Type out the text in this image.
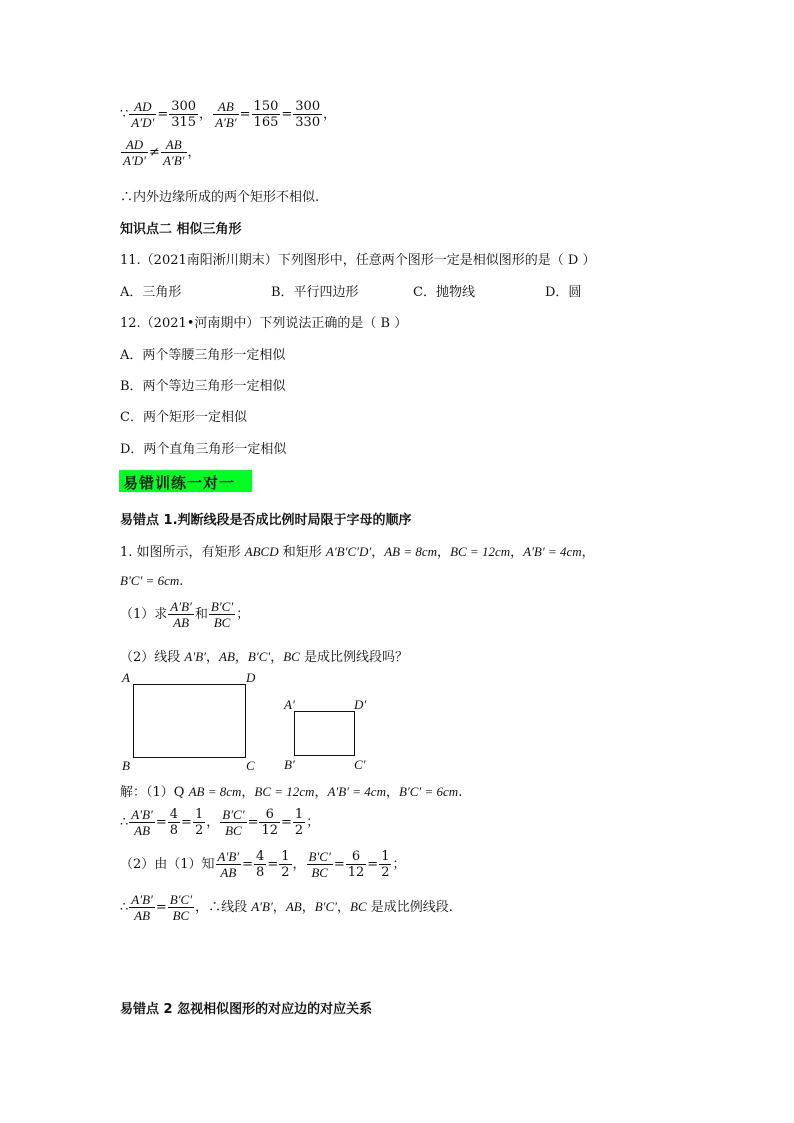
∵ $\frac{AD}{A'D'} = \frac{300}{315}$ ， $\frac{AB}{A'B'} = \frac{150}{165} = \frac{300}{330}$ ，
$\frac{AD}{A'D'} \ne \frac{AB}{A'B'}$ ，
∴内外边缘所成的两个矩形不相似.
知识点二 相似三角形
11.（2021南阳淅川期末）下列图形中，任意两个图形一定是相似图形的是（ D ）
A．三角形	B．平行四边形	C．抛物线	D．圆
12.（2021•河南期中）下列说法正确的是（ B ）
A．两个等腰三角形一定相似
B．两个等边三角形一定相似
C．两个矩形一定相似
D．两个直角三角形一定相似
易错训练一对一
易错点 1.判断线段是否成比例时局限于字母的顺序
1. 如图所示，有矩形 ABCD 和矩形 A′B′C′D′，AB = 8cm，BC = 12cm，A′B′ = 4cm，
B′C′ = 6cm.
（1）求 $\frac{A'B'}{AB}$ 和 $\frac{B'C'}{BC}$ ；
（2）线段 A′B′，AB，B′C′，BC 是成比例线段吗？
A	D
B	C
A′	D′
B′	C′
解：（1）Q AB = 8cm，BC = 12cm，A′B′ = 4cm，B′C′ = 6cm.
∴ $\frac{A'B'}{AB} = \frac{4}{8} = \frac{1}{2}$ ， $\frac{B'C'}{BC} = \frac{6}{12} = \frac{1}{2}$ ；
（2）由（1）知 $\frac{A'B'}{AB} = \frac{4}{8} = \frac{1}{2}$ ， $\frac{B'C'}{BC} = \frac{6}{12} = \frac{1}{2}$ ；
∴ $\frac{A'B'}{AB} = \frac{B'C'}{BC}$ ，∴线段 A′B′，AB，B′C′，BC 是成比例线段.
易错点 2 忽视相似图形的对应边的对应关系
